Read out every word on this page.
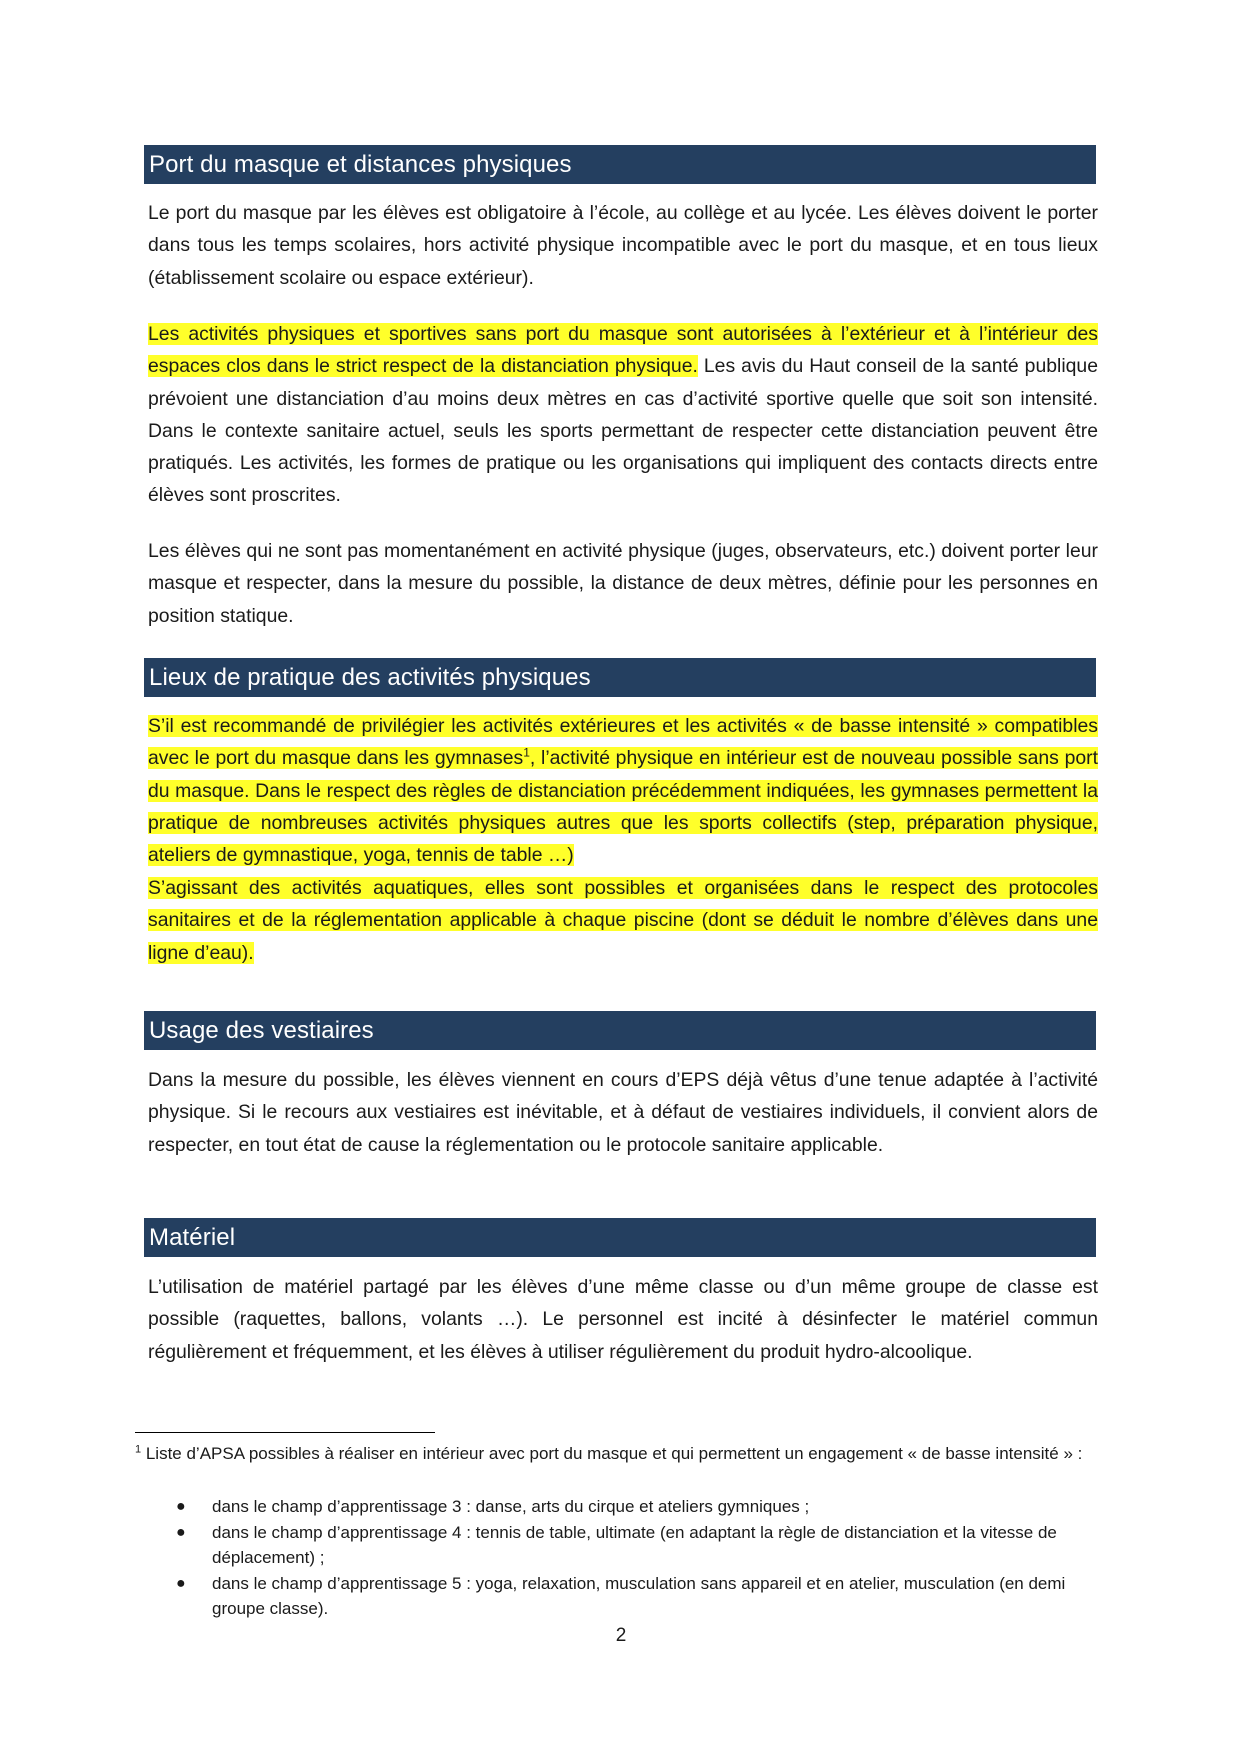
Port du masque et distances physiques

Le port du masque par les élèves est obligatoire à l’école, au collège et au lycée. Les élèves doivent le porter dans tous les temps scolaires, hors activité physique incompatible avec le port du masque, et en tous lieux (établissement scolaire ou espace extérieur).

Les activités physiques et sportives sans port du masque sont autorisées à l’extérieur et à l’intérieur des espaces clos dans le strict respect de la distanciation physique. Les avis du Haut conseil de la santé publique prévoient une distanciation d’au moins deux mètres en cas d’activité sportive quelle que soit son intensité. Dans le contexte sanitaire actuel, seuls les sports permettant de respecter cette distanciation peuvent être pratiqués. Les activités, les formes de pratique ou les organisations qui impliquent des contacts directs entre élèves sont proscrites.

Les élèves qui ne sont pas momentanément en activité physique (juges, observateurs, etc.) doivent porter leur masque et respecter, dans la mesure du possible, la distance de deux mètres, définie pour les personnes en position statique.

Lieux de pratique des activités physiques

S’il est recommandé de privilégier les activités extérieures et les activités « de basse intensité » compatibles avec le port du masque dans les gymnases$^1$, l’activité physique en intérieur est de nouveau possible sans port du masque. Dans le respect des règles de distanciation précédemment indiquées, les gymnases permettent la pratique de nombreuses activités physiques autres que les sports collectifs (step, préparation physique, ateliers de gymnastique, yoga, tennis de table …)

S’agissant des activités aquatiques, elles sont possibles et organisées dans le respect des protocoles sanitaires et de la réglementation applicable à chaque piscine (dont se déduit le nombre d’élèves dans une ligne d’eau).

Usage des vestiaires

Dans la mesure du possible, les élèves viennent en cours d’EPS déjà vêtus d’une tenue adaptée à l’activité physique. Si le recours aux vestiaires est inévitable, et à défaut de vestiaires individuels, il convient alors de respecter, en tout état de cause la réglementation ou le protocole sanitaire applicable.

Matériel

L’utilisation de matériel partagé par les élèves d’une même classe ou d’un même groupe de classe est possible (raquettes, ballons, volants …). Le personnel est incité à désinfecter le matériel commun régulièrement et fréquemment, et les élèves à utiliser régulièrement du produit hydro-alcoolique.

$^1$ Liste d’APSA possibles à réaliser en intérieur avec port du masque et qui permettent un engagement « de basse intensité » :

● dans le champ d’apprentissage 3 : danse, arts du cirque et ateliers gymniques ;
● dans le champ d’apprentissage 4 : tennis de table, ultimate (en adaptant la règle de distanciation et la vitesse de déplacement) ;
● dans le champ d’apprentissage 5 : yoga, relaxation, musculation sans appareil et en atelier, musculation (en demi groupe classe).
2
